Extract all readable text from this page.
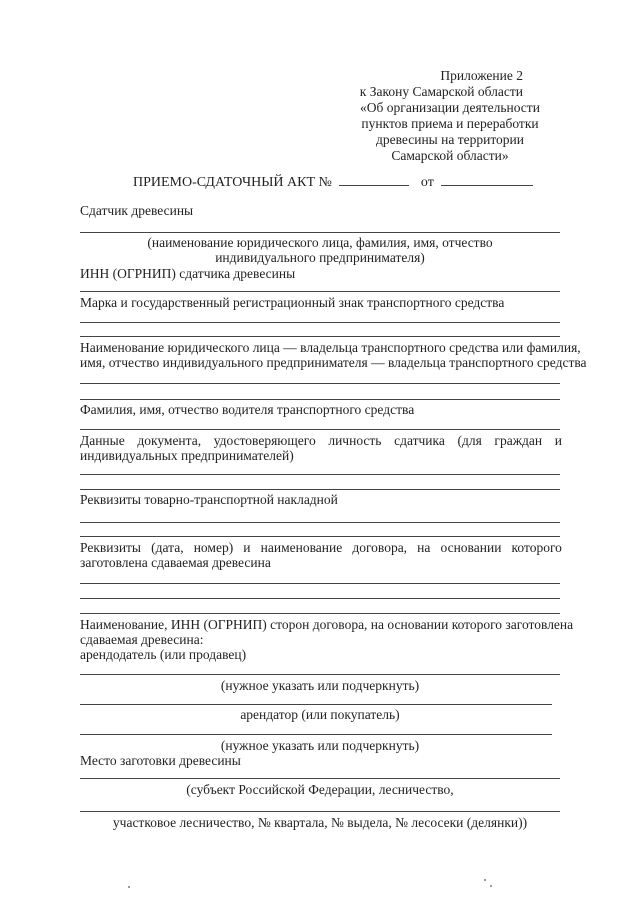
Приложение 2
к Закону Самарской области
«Об организации деятельности
пунктов приема и переработки
древесины на территории
Самарской области»
ПРИЕМО-СДАТОЧНЫЙ АКТ №	от
Сдатчик древесины
(наименование юридического лица, фамилия, имя, отчество
индивидуального предпринимателя)
ИНН (ОГРНИП) сдатчика древесины
Марка и государственный регистрационный знак транспортного средства
Наименование юридического лица — владельца транспортного средства или фамилия,
имя, отчество индивидуального предпринимателя — владельца транспортного средства
Фамилия, имя, отчество водителя транспортного средства
Данные документа, удостоверяющего личность сдатчика (для граждан и
индивидуальных предпринимателей)
Реквизиты товарно-транспортной накладной
Реквизиты (дата, номер) и наименование договора, на основании которого
заготовлена сдаваемая древесина
Наименование, ИНН (ОГРНИП) сторон договора, на основании которого заготовлена
сдаваемая древесина:
арендодатель (или продавец)
(нужное указать или подчеркнуть)
арендатор (или покупатель)
(нужное указать или подчеркнуть)
Место заготовки древесины
(субъект Российской Федерации, лесничество,
участковое лесничество, № квартала, № выдела, № лесосеки (делянки))
